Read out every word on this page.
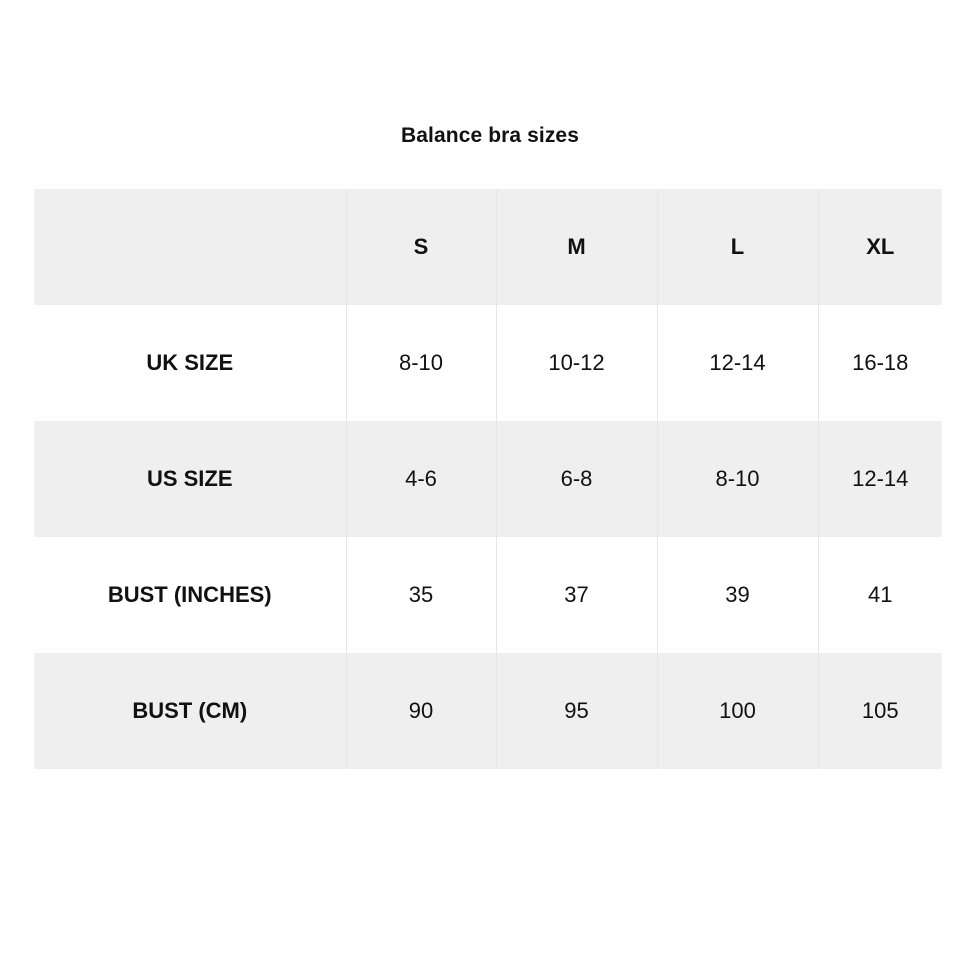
Balance bra sizes
	S	M	L	XL
UK SIZE	8-10	10-12	12-14	16-18
US SIZE	4-6	6-8	8-10	12-14
BUST (INCHES)	35	37	39	41
BUST (CM)	90	95	100	105
